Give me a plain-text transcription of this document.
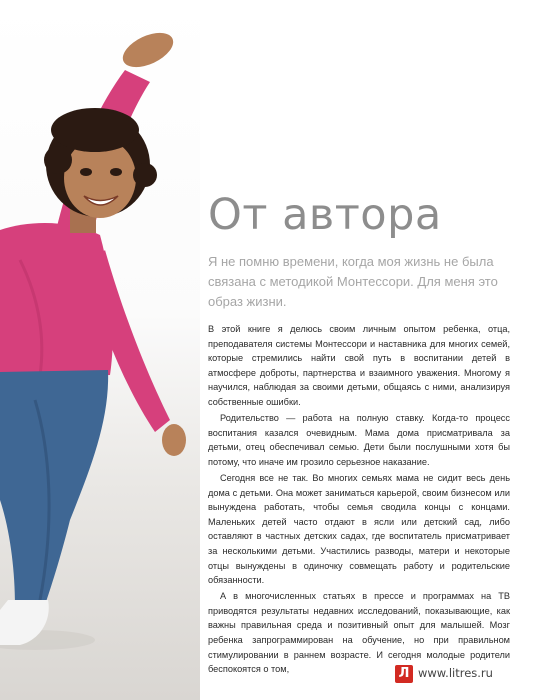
От автора

Я не помню времени, когда моя жизнь не была связана с методикой Монтессори. Для меня это образ жизни.

В этой книге я делюсь своим личным опытом ребенка, отца, преподавателя системы Монтессори и наставника для многих семей, которые стремились найти свой путь в воспитании детей в атмосфере доброты, партнерства и взаимного уважения. Многому я научился, наблюдая за своими детьми, общаясь с ними, анализируя собственные ошибки.

Родительство — работа на полную ставку. Когда-то процесс воспитания казался очевидным. Мама дома присматривала за детьми, отец обеспечивал семью. Дети были послушными хотя бы потому, что иначе им грозило серьезное наказание.

Сегодня все не так. Во многих семьях мама не сидит весь день дома с детьми. Она может заниматься карьерой, своим бизнесом или вынуждена работать, чтобы семья сводила концы с концами. Маленьких детей часто отдают в ясли или детский сад, либо оставляют в частных детских садах, где воспитатель присматривает за несколькими детьми. Участились разводы, матери и некоторые отцы вынуждены в одиночку совмещать работу и родительские обязанности.

А в многочисленных статьях в прессе и программах на ТВ приводятся результаты недавних исследований, показывающие, как важны правильная среда и позитивный опыт для малышей. Мозг ребенка запрограммирован на обучение, но при правильном стимулировании в раннем возрасте. И сегодня молодые родители беспокоятся о том,	Л www.litres.ru
